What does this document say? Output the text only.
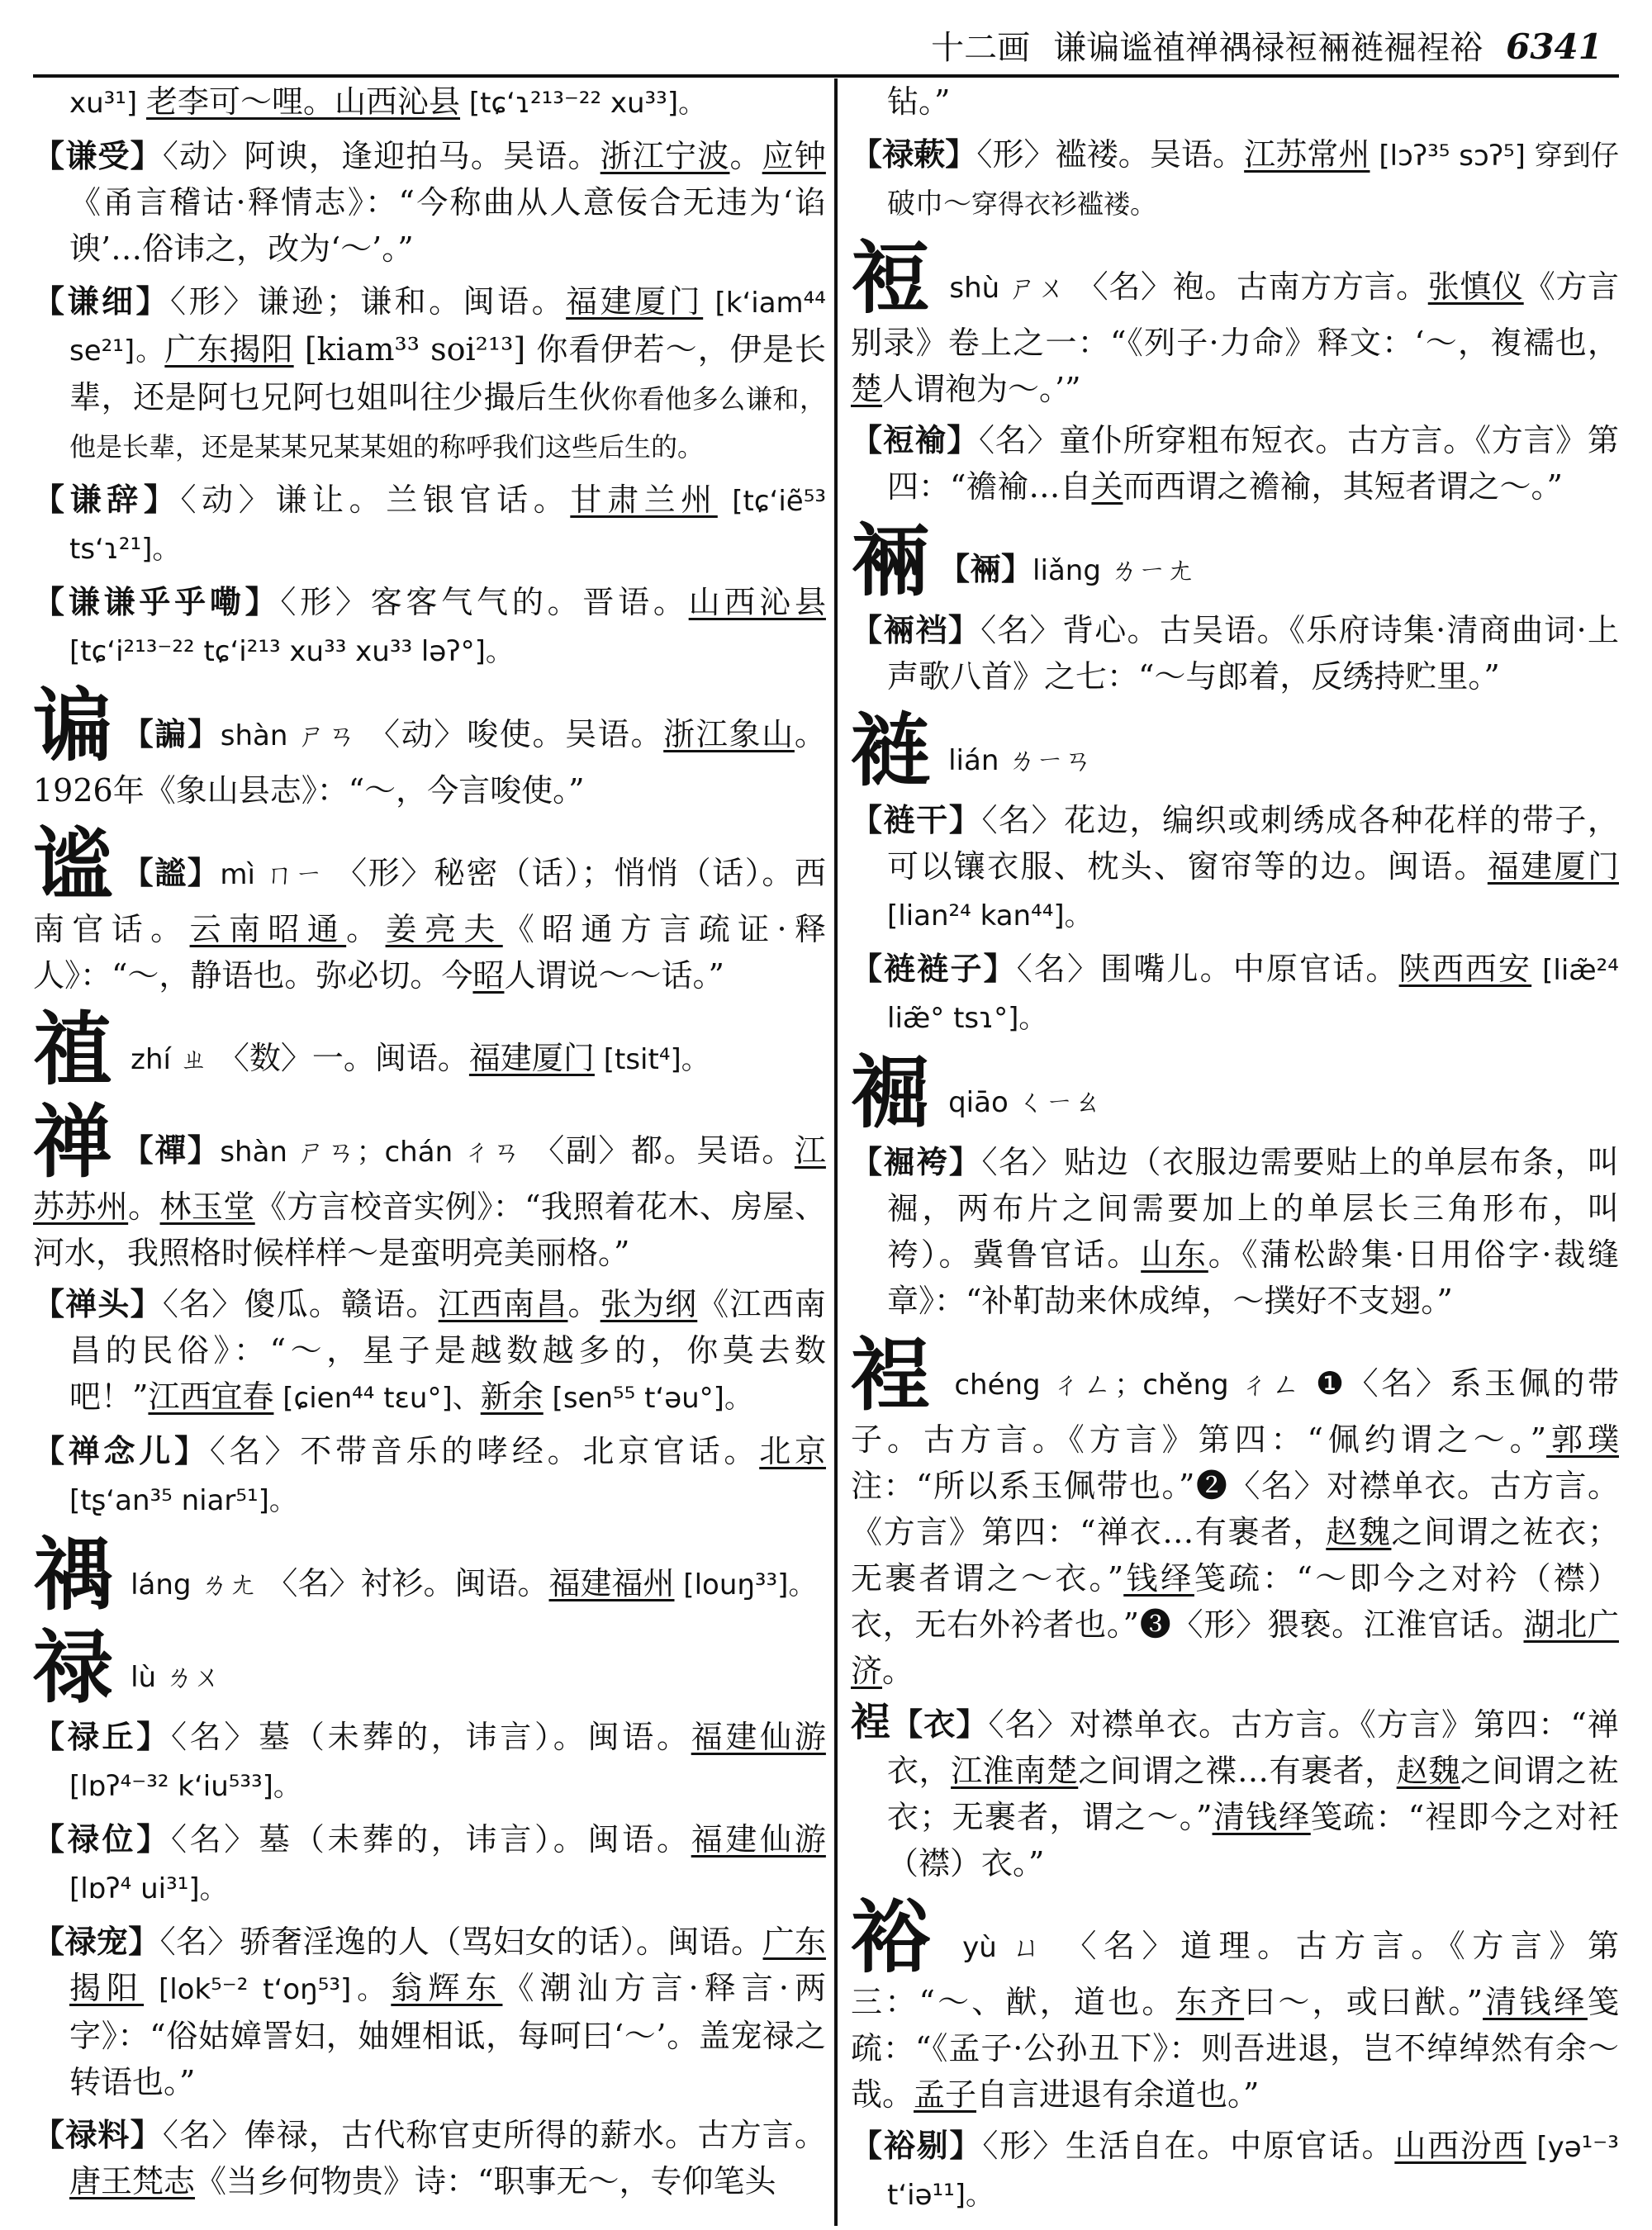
十二画 谦谝谧禃禅禑禄裋裲裢䘿裎裕 6341

xu³¹] 老李可～哩。山西沁县 [tɕʻɿ²¹³⁻²² xu³³]。

【谦受】 〈 动 〉 阿谀，逢迎拍马。吴语。浙江宁波。应钟《甬言稽诂·释情志》：“今称曲从人意佞合无违为‘谄谀’…俗讳之，改为‘～’。”

【谦细】 〈 形 〉 谦逊；谦和。闽语。福建厦门 [kʻiam⁴⁴ se²¹]。广东揭阳 [kiam³³ soi²¹³] 你看伊若～，伊是长辈，还是阿乜兄阿乜姐叫往少撮后生伙你看他多么谦和，他是长辈，还是某某兄某某姐的称呼我们这些后生的。

【谦辞】 〈 动 〉 谦让。兰银官话。甘肃兰州 [tɕʻiẽ⁵³ tsʻɿ²¹]。

【谦谦乎乎嘞】 〈 形 〉 客客气气的。晋语。山西沁县 [tɕʻi²¹³⁻²² tɕʻi²¹³ xu³³ xu³³ ləʔ°]。

谝 【諞】shàn ㄕㄢ 〈 动 〉 唆使。吴语。浙江象山。1926年《象山县志》：“～，今言唆使。”

谧 【謐】mì ㄇㄧ 〈 形 〉 秘密（话）；悄悄（话）。西南官话。云南昭通。姜亮夫《昭通方言疏证·释人》：“～，静语也。弥必切。今昭人谓说～～话。”

禃 zhí ㄓ 〈 数 〉 一。闽语。福建厦门 [tsit⁴]。

禅 【禪】shàn ㄕㄢ；chán ㄔㄢ 〈 副 〉 都。吴语。江苏苏州。林玉堂《方言校音实例》：“我照着花木、房屋、河水，我照格时候样样～是蛮明亮美丽格。”

【禅头】 〈 名 〉 傻瓜。赣语。江西南昌。张为纲《江西南昌的民俗》：“～，星子是越数越多的，你莫去数吧！”江西宜春 [ɕien⁴⁴ tɛu°]、新余 [sen⁵⁵ tʻəu°]。

【禅念儿】 〈 名 〉 不带音乐的哮经。北京官话。北京 [tʂʻan³⁵ niar⁵¹]。

禑 láng ㄌㄤ 〈 名 〉 衬衫。闽语。福建福州 [louŋ³³]。

禄 lù ㄌㄨ

【禄丘】 〈 名 〉 墓（未葬的，讳言）。闽语。福建仙游 [lɒʔ⁴⁻³² kʻiu⁵³³]。

【禄位】 〈 名 〉 墓（未葬的，讳言）。闽语。福建仙游 [lɒʔ⁴ ui³¹]。

【禄宠】 〈 名 〉 骄奢淫逸的人（骂妇女的话）。闽语。广东揭阳 [lok⁵⁻² tʻoŋ⁵³]。翁辉东《潮汕方言·释言·两字》：“俗姑嫜詈妇，妯娌相诋，每呵曰‘～’。盖宠禄之转语也。”

【禄料】 〈 名 〉 俸禄，古代称官吏所得的薪水。古方言。唐王梵志《当乡何物贵》诗：“职事无～，专仰笔头

钻。”

【禄蔌】 〈 形 〉 褴褛。吴语。江苏常州 [lɔʔ³⁵ sɔʔ⁵] 穿到仔破巾～穿得衣衫褴褛。

裋 shù ㄕㄨ 〈 名 〉 袍。古南方方言。张慎仪《方言别录》卷上之一：“《列子·力命》释文：‘～，複襦也，楚人谓袍为～。’”

【裋褕】 〈 名 〉 童仆所穿粗布短衣。古方言。《方言》第四：“襜褕…自关而西谓之襜褕，其短者谓之～。”

裲 【裲】liǎng ㄌㄧㄤ

【裲裆】 〈 名 〉 背心。古吴语。《乐府诗集·清商曲词·上声歌八首》之七：“～与郎着，反绣持贮里。”

裢 lián ㄌㄧㄢ

【裢干】 〈 名 〉 花边，编织或刺绣成各种花样的带子，可以镶衣服、枕头、窗帘等的边。闽语。福建厦门 [lian²⁴ kan⁴⁴]。

【裢裢子】 〈 名 〉 围嘴儿。中原官话。陕西西安 [liæ̃²⁴ liæ̃° tsɿ°]。

䘿 qiāo ㄑㄧㄠ

【䘿袴】 〈 名 〉 贴边（衣服边需要贴上的单层布条，叫䘿，两布片之间需要加上的单层长三角形布，叫袴）。冀鲁官话。山东。《蒲松龄集·日用俗字·裁缝章》：“补靪劼来休成绰，～撲好不支翅。”

裎 chéng ㄔㄥ；chěng ㄔㄥ ❶〈名〉系玉佩的带子。古方言。《方言》第四：“佩约谓之～。”郭璞注：“所以系玉佩带也。”❷〈名〉对襟单衣。古方言。《方言》第四：“禅衣…有裹者，赵魏之间谓之袏衣；无裹者谓之～衣。”钱绎笺疏：“～即今之对衿（襟）衣，无右外衿者也。”❸〈形〉猥亵。江淮官话。湖北广济。

裎【衣】 〈 名 〉 对襟单衣。古方言。《方言》第四：“禅衣，江淮南楚之间谓之褋…有裹者，赵魏之间谓之袏衣；无裹者，谓之～。”清钱绎笺疏：“裎即今之对衽（襟）衣。”

裕 yù ㄩ 〈 名 〉 道理。古方言。《方言》第三：“～、猷，道也。东齐曰～，或曰猷。”清钱绎笺疏：“《孟子·公孙丑下》：则吾进退，岂不绰绰然有余～哉。孟子自言进退有余道也。”

【裕剔】 〈 形 〉 生活自在。中原官话。山西汾西 [yə¹⁻³ tʻiə¹¹]。
